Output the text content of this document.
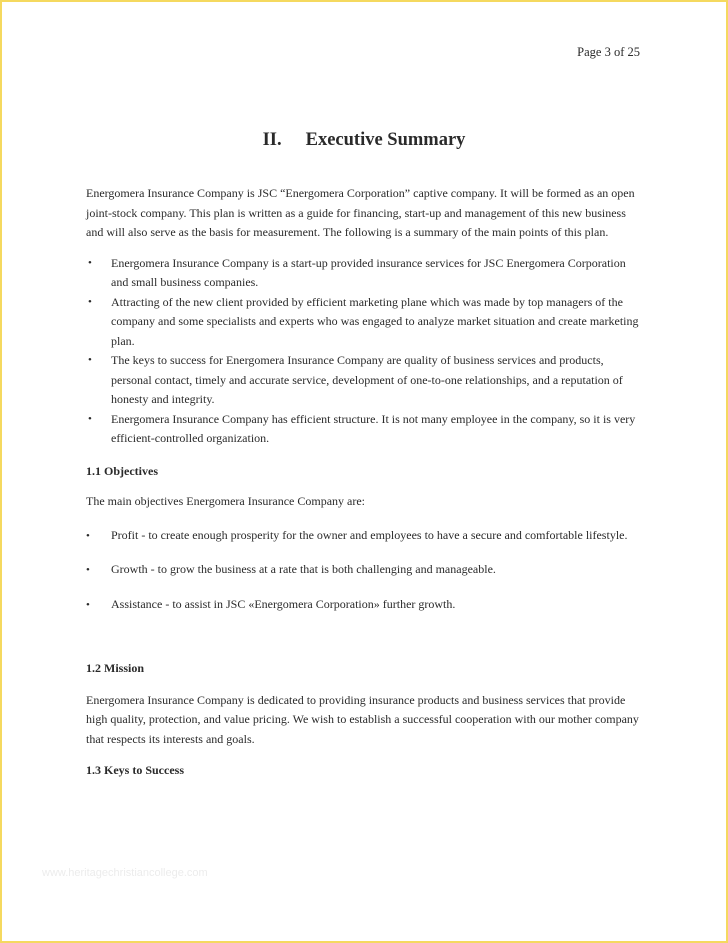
Page 3 of 25
II. Executive Summary

Energomera Insurance Company is JSC “Energomera Corporation” captive company. It will be formed as an open joint-stock company. This plan is written as a guide for financing, start-up and management of this new business and will also serve as the basis for measurement. The following is a summary of the main points of this plan.

• Energomera Insurance Company is a start-up provided insurance services for JSC Energomera Corporation and small business companies.
• Attracting of the new client provided by efficient marketing plane which was made by top managers of the company and some specialists and experts who was engaged to analyze market situation and create marketing plan.
• The keys to success for Energomera Insurance Company are quality of business services and products, personal contact, timely and accurate service, development of one-to-one relationships, and a reputation of honesty and integrity.
• Energomera Insurance Company has efficient structure. It is not many employee in the company, so it is very efficient-controlled organization.
1.1 Objectives

The main objectives Energomera Insurance Company are:

• Profit - to create enough prosperity for the owner and employees to have a secure and comfortable lifestyle.

• Growth - to grow the business at a rate that is both challenging and manageable.

• Assistance - to assist in JSC «Energomera Corporation» further growth.

1.2 Mission

Energomera Insurance Company is dedicated to providing insurance products and business services that provide high quality, protection, and value pricing. We wish to establish a successful cooperation with our mother company that respects its interests and goals.

1.3 Keys to Success
www.heritagechristiancollege.com
